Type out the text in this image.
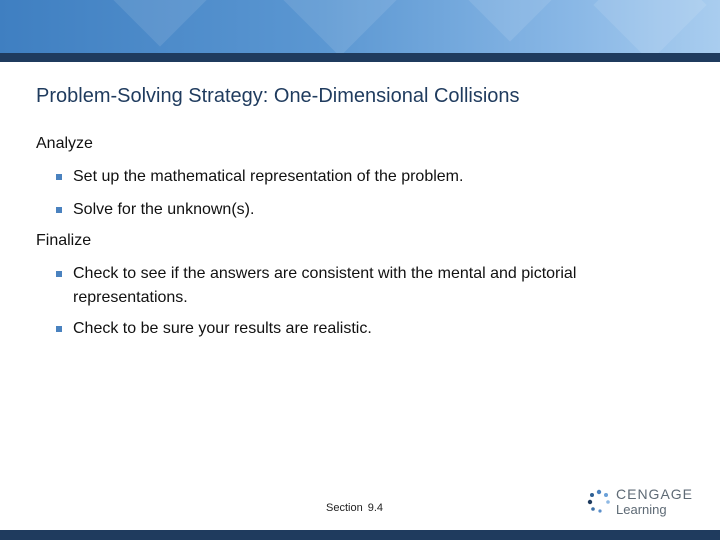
Problem-Solving Strategy: One-Dimensional Collisions
Analyze
Set up the mathematical representation of the problem.
Solve for the unknown(s).
Finalize
Check to see if the answers are consistent with the mental and pictorial representations.
Check to be sure your results are realistic.
Section 9.4
CENGAGE
Learning
